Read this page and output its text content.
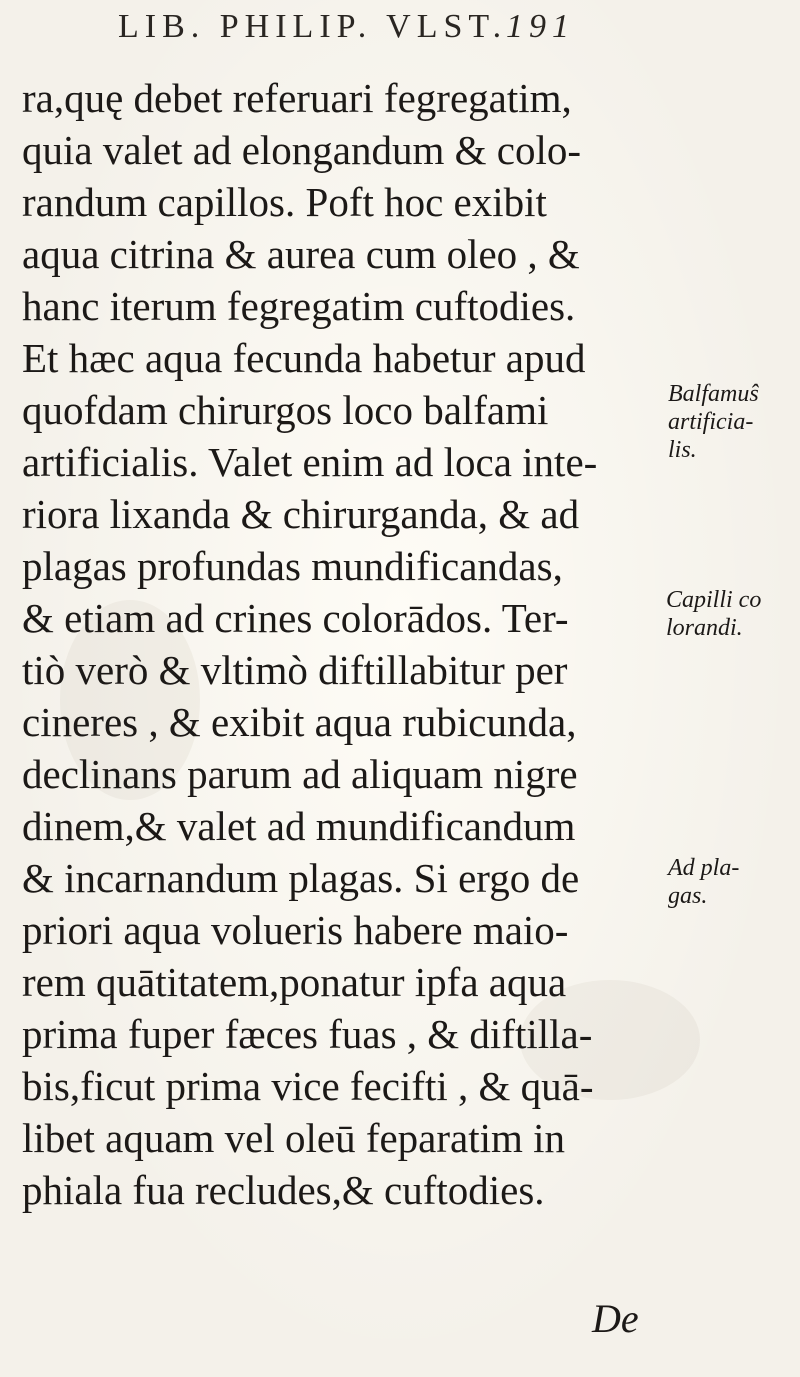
LIB. PHILIP. VLST.
191
ra,quę debet referuari fegregatim,
quia valet ad elongandum & colo-
randum capillos. Poft hoc exibit
aqua citrina & aurea cum oleo , &
hanc iterum fegregatim cuftodies.
Et hæc aqua fecunda habetur apud
quofdam chirurgos loco balfami
artificialis. Valet enim ad loca inte-
riora lixanda & chirurganda, & ad
plagas profundas mundificandas,
& etiam ad crines colorādos. Ter-
tiò verò & vltimò diftillabitur per
cineres , & exibit aqua rubicunda,
declinans parum ad aliquam nigre
dinem,& valet ad mundificandum
& incarnandum plagas. Si ergo de
priori aqua volueris habere maio-
rem quātitatem,ponatur ipfa aqua
prima fuper fæces fuas , & diftilla-
bis,ficut prima vice fecifti , & quā-
libet aquam vel oleū feparatim in
phiala fua recludes,& cuftodies.
Balfamuŝ
artificia-
lis.
Capilli co
lorandi.
Ad pla-
gas.
De
